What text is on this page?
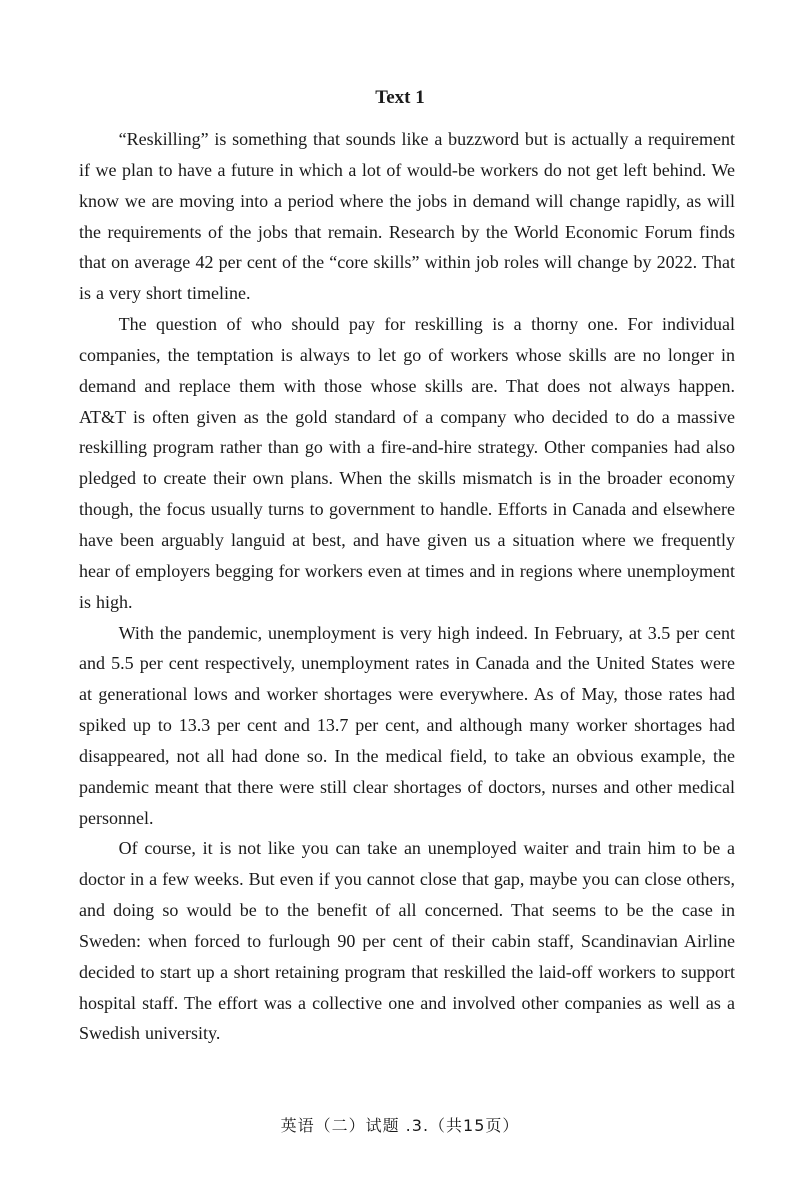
Text 1

“Reskilling” is something that sounds like a buzzword but is actually a requirement if we plan to have a future in which a lot of would-be workers do not get left behind. We know we are moving into a period where the jobs in demand will change rapidly, as will the requirements of the jobs that remain. Research by the World Economic Forum finds that on average 42 per cent of the “core skills” within job roles will change by 2022. That is a very short timeline.

The question of who should pay for reskilling is a thorny one. For individual companies, the temptation is always to let go of workers whose skills are no longer in demand and replace them with those whose skills are. That does not always happen. AT&T is often given as the gold standard of a company who decided to do a massive reskilling program rather than go with a fire-and-hire strategy. Other companies had also pledged to create their own plans. When the skills mismatch is in the broader economy though, the focus usually turns to government to handle. Efforts in Canada and elsewhere have been arguably languid at best, and have given us a situation where we frequently hear of employers begging for workers even at times and in regions where unemployment is high.

With the pandemic, unemployment is very high indeed. In February, at 3.5 per cent and 5.5 per cent respectively, unemployment rates in Canada and the United States were at generational lows and worker shortages were everywhere. As of May, those rates had spiked up to 13.3 per cent and 13.7 per cent, and although many worker shortages had disappeared, not all had done so. In the medical field, to take an obvious example, the pandemic meant that there were still clear shortages of doctors, nurses and other medical personnel.

Of course, it is not like you can take an unemployed waiter and train him to be a doctor in a few weeks. But even if you cannot close that gap, maybe you can close others, and doing so would be to the benefit of all concerned. That seems to be the case in Sweden: when forced to furlough 90 per cent of their cabin staff, Scandinavian Airline decided to start up a short retaining program that reskilled the laid-off workers to support hospital staff. The effort was a collective one and involved other companies as well as a Swedish university.

英语（二）试题 .3.（共15页）
